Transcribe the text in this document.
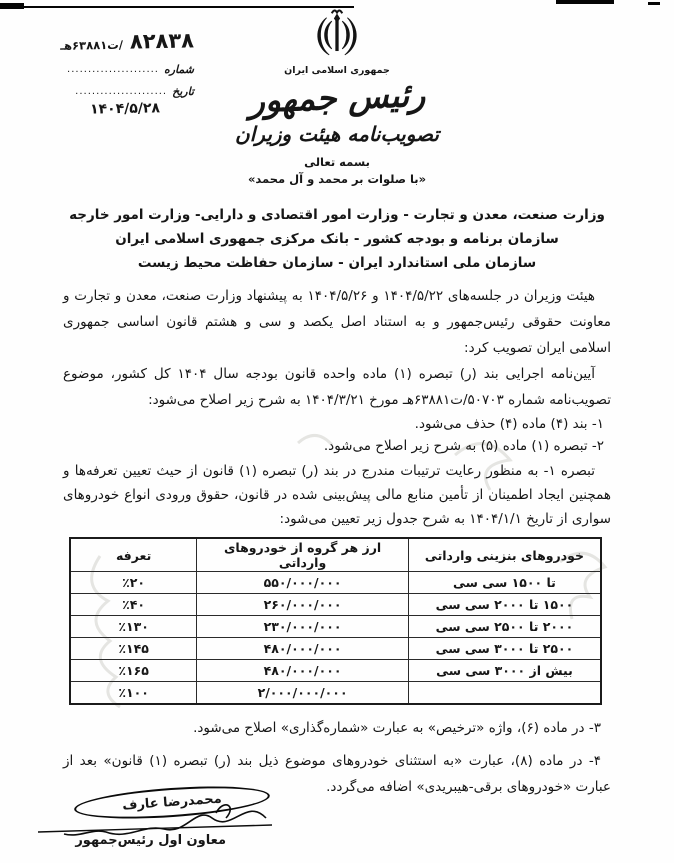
جمهوری اسلامی ایران
رئیس جمهور
تصویب‌نامه هیئت وزیران
بسمه تعالی
«با صلوات بر محمد و آل محمد»
۸۲۸۳۸
/ت۶۳۸۸۱هـ
شماره
......................
تاریخ
......................
۱۴۰۴/۵/۲۸
وزارت صنعت، معدن و تجارت - وزارت امور اقتصادی و دارایی- وزارت امور خارجه
سازمان برنامه و بودجه کشور - بانک مرکزی جمهوری اسلامی ایران
سازمان ملی استاندارد ایران - سازمان حفاظت محیط زیست

هیئت وزیران در جلسه‌های ۱۴۰۴/۵/۲۲ و ۱۴۰۴/۵/۲۶ به پیشنهاد وزارت صنعت، معدن و تجارت و معاونت حقوقی رئیس‌جمهور و به استناد اصل یکصد و سی و هشتم قانون اساسی جمهوری اسلامی ایران تصویب کرد:

آیین‌نامه اجرایی بند (ر) تبصره (۱) ماده واحده قانون بودجه سال ۱۴۰۴ کل کشور، موضوع تصویب‌نامه شماره ۵۰۷۰۳/ت۶۳۸۸۱هـ مورخ ۱۴۰۴/۳/۲۱ به شرح زیر اصلاح می‌شود:

۱- بند (۴) ماده (۴) حذف می‌شود.

۲- تبصره (۱) ماده (۵) به شرح زیر اصلاح می‌شود.

تبصره ۱- به منظور رعایت ترتیبات مندرج در بند (ر) تبصره (۱) قانون از حیث تعیین تعرفه‌ها و همچنین ایجاد اطمینان از تأمین منابع مالی پیش‌بینی شده در قانون، حقوق ورودی انواع خودروهای سواری از تاریخ ۱۴۰۴/۱/۱ به شرح جدول زیر تعیین می‌شود:

خودروهای بنزینی وارداتی	ارز هر گروه از خودروهای وارداتی	تعرفه
تا ۱۵۰۰ سی سی	۵۵۰/۰۰۰/۰۰۰	٪۲۰
۱۵۰۰ تا ۲۰۰۰ سی سی	۲۶۰/۰۰۰/۰۰۰	٪۴۰
۲۰۰۰ تا ۲۵۰۰ سی سی	۲۳۰/۰۰۰/۰۰۰	٪۱۳۰
۲۵۰۰ تا ۳۰۰۰ سی سی	۴۸۰/۰۰۰/۰۰۰	٪۱۴۵
بیش از ۳۰۰۰ سی سی	۴۸۰/۰۰۰/۰۰۰	٪۱۶۵
	۲/۰۰۰/۰۰۰/۰۰۰	٪۱۰۰

۳- در ماده (۶)، واژه «ترخیص» به عبارت «شماره‌گذاری» اصلاح می‌شود.

۴- در ماده (۸)، عبارت «به استثنای خودروهای موضوع ذیل بند (ر) تبصره (۱) قانون» بعد از عبارت «خودروهای برقی-هیبریدی» اضافه می‌گردد.

محمدرضا عارف
معاون اول رئیس‌جمهور
